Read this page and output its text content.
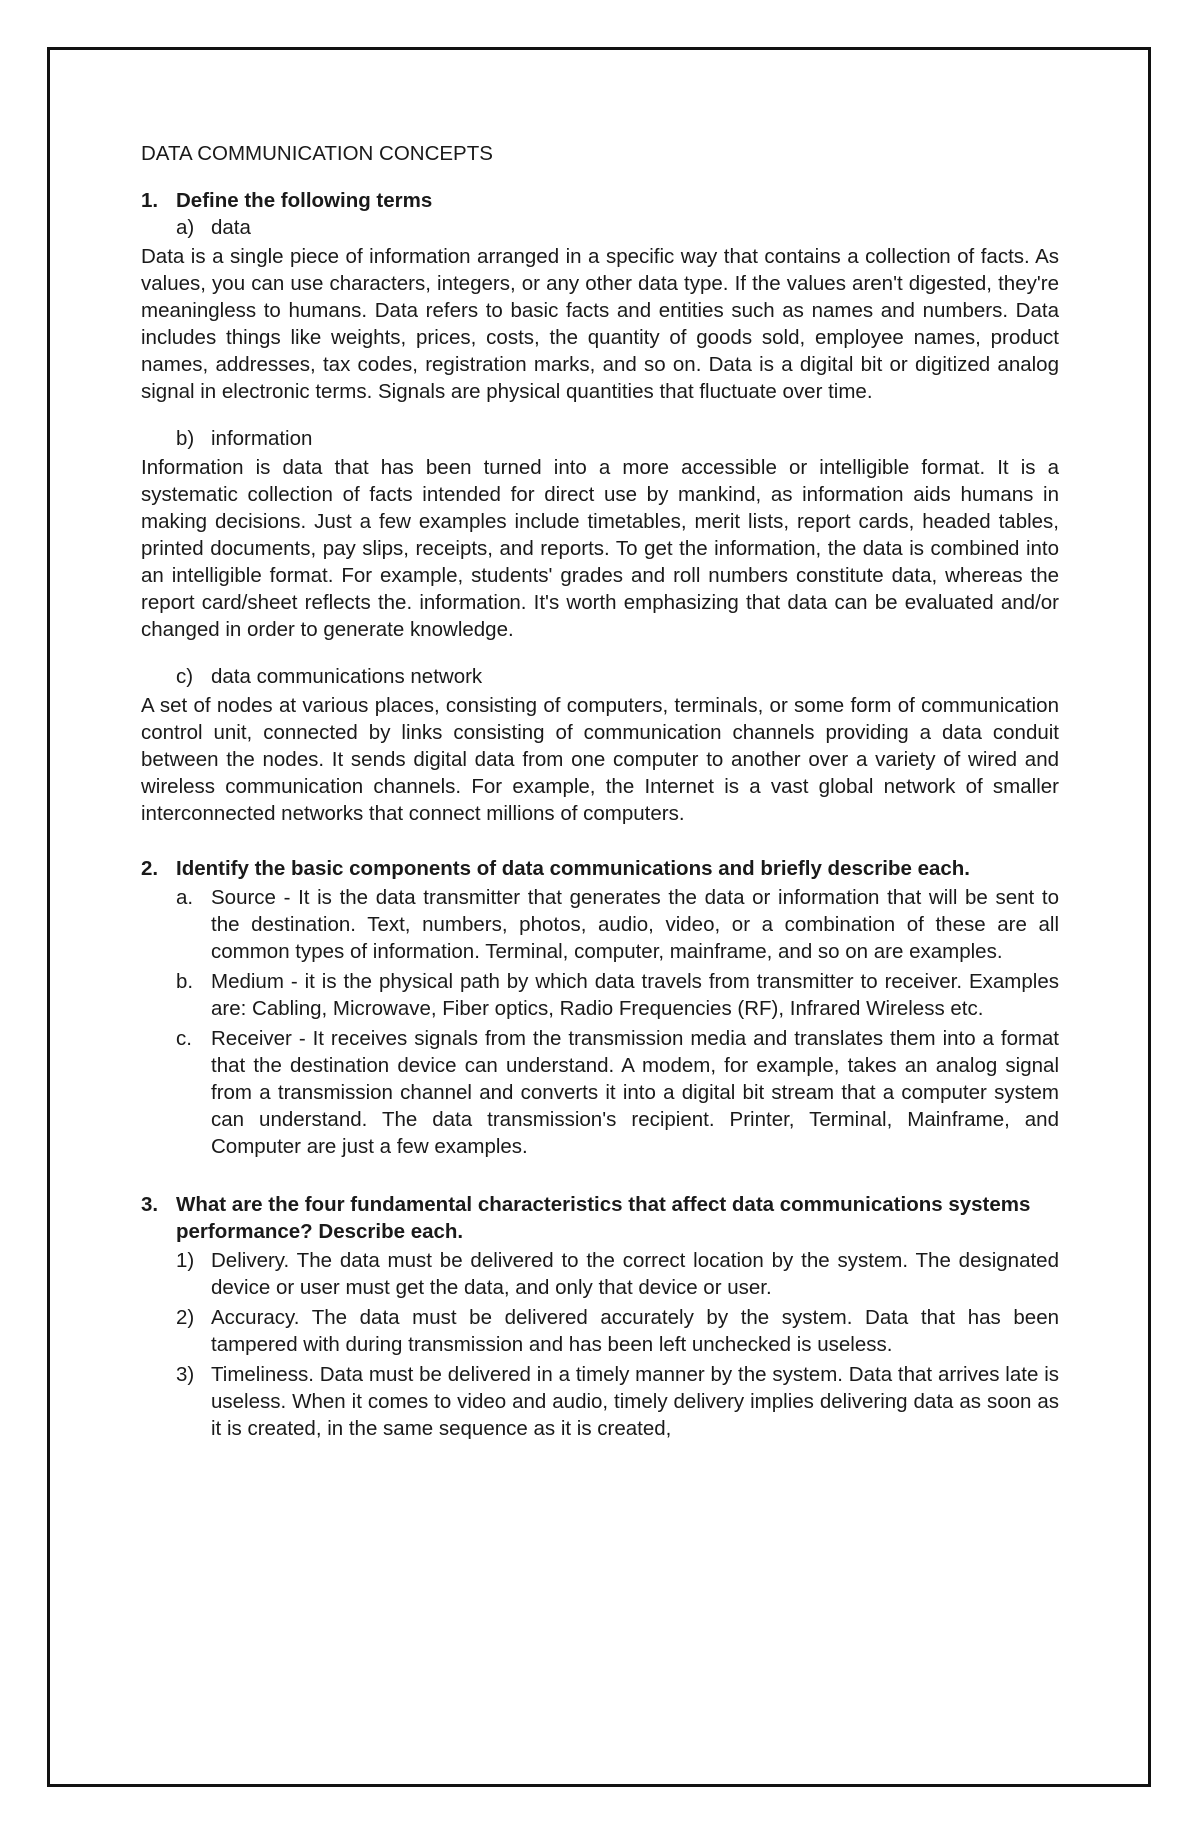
DATA COMMUNICATION CONCEPTS
1. Define the following terms
a) data

Data is a single piece of information arranged in a specific way that contains a collection of facts. As values, you can use characters, integers, or any other data type. If the values aren't digested, they're meaningless to humans. Data refers to basic facts and entities such as names and numbers. Data includes things like weights, prices, costs, the quantity of goods sold, employee names, product names, addresses, tax codes, registration marks, and so on. Data is a digital bit or digitized analog signal in electronic terms. Signals are physical quantities that fluctuate over time.

b) information

Information is data that has been turned into a more accessible or intelligible format. It is a systematic collection of facts intended for direct use by mankind, as information aids humans in making decisions. Just a few examples include timetables, merit lists, report cards, headed tables, printed documents, pay slips, receipts, and reports. To get the information, the data is combined into an intelligible format. For example, students' grades and roll numbers constitute data, whereas the report card/sheet reflects the. information. It's worth emphasizing that data can be evaluated and/or changed in order to generate knowledge.

c) data communications network

A set of nodes at various places, consisting of computers, terminals, or some form of communication control unit, connected by links consisting of communication channels providing a data conduit between the nodes. It sends digital data from one computer to another over a variety of wired and wireless communication channels. For example, the Internet is a vast global network of smaller interconnected networks that connect millions of computers.

2. Identify the basic components of data communications and briefly describe each.
a. Source - It is the data transmitter that generates the data or information that will be sent to the destination. Text, numbers, photos, audio, video, or a combination of these are all common types of information. Terminal, computer, mainframe, and so on are examples.
b. Medium - it is the physical path by which data travels from transmitter to receiver. Examples are: Cabling, Microwave, Fiber optics, Radio Frequencies (RF), Infrared Wireless etc.
c. Receiver - It receives signals from the transmission media and translates them into a format that the destination device can understand. A modem, for example, takes an analog signal from a transmission channel and converts it into a digital bit stream that a computer system can understand. The data transmission's recipient. Printer, Terminal, Mainframe, and Computer are just a few examples.
3. What are the four fundamental characteristics that affect data communications systems performance? Describe each.
1) Delivery. The data must be delivered to the correct location by the system. The designated device or user must get the data, and only that device or user.
2) Accuracy. The data must be delivered accurately by the system. Data that has been tampered with during transmission and has been left unchecked is useless.
3) Timeliness. Data must be delivered in a timely manner by the system. Data that arrives late is useless. When it comes to video and audio, timely delivery implies delivering data as soon as it is created, in the same sequence as it is created,
